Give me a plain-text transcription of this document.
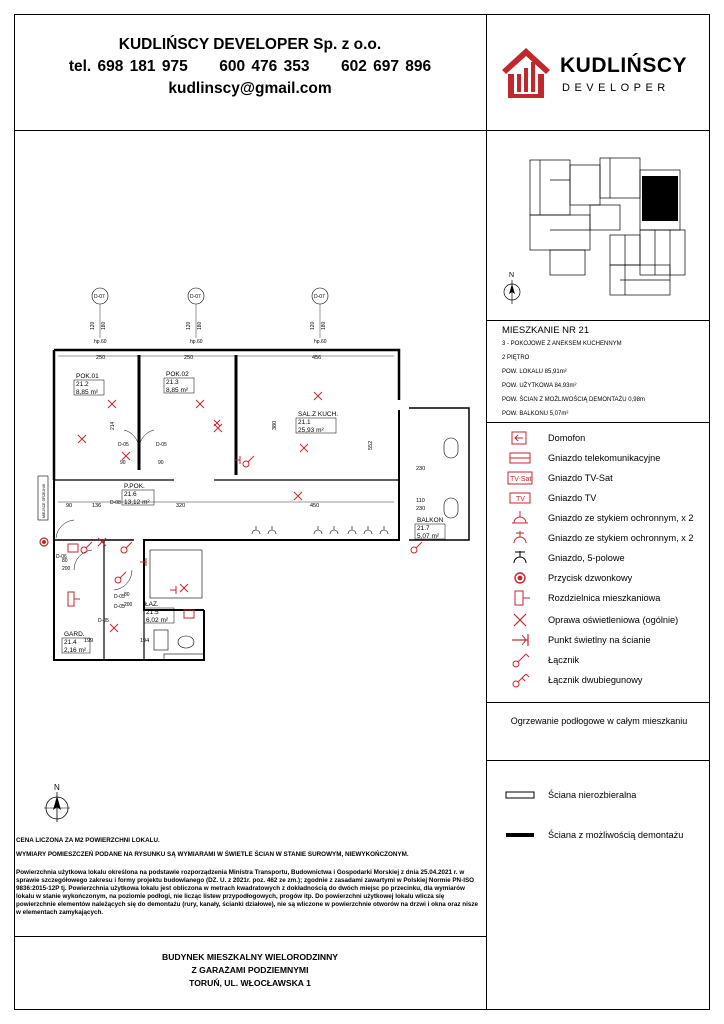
KUDLIŃSCY DEVELOPER Sp. z o.o.
tel. 698 181 975     600 476 353     602 697 896
kudlinscy@gmail.com
KUDLIŃSCY
DEVELOPER
N
MIESZKANIE NR 21
3 - POKOJOWE Z ANEKSEM KUCHENNYM
2 PIĘTRO
POW. LOKALU 85,91m²
POW. UŻYTKOWA 84,93m²
POW. ŚCIAN Z MOŻLIWOŚCIĄ DEMONTAŻU 0,98m
POW. BALKONU 5,07m²
Domofon
Gniazdo telekomunikacyjne
TV-Sat Gniazdo TV-Sat
TV	Gniazdo TV
Gniazdo ze stykiem ochronnym, x 2
Gniazdo ze stykiem ochronnym, x 2
Gniazdo, 5-polowe
Przycisk dzwonkowy
Rozdzielnica mieszkaniowa
Oprawa oświetleniowa (ogólnie)
Punkt świetlny na ścianie
Łącznik
Łącznik dwubiegunowy
Ogrzewanie podłogowe w całym mieszkaniu
Ściana nierozbieralna
Ściana z możliwością demontażu
D-07	D-07	D-07
120 180	120 180	120 180
hp.60	hp.60	hp.60
250	250	456
90	136	320	450
214
194
199
552
230
110
230
380
D-05	D-05
D-05
D-06
D-08
D-05
D-05
80
200
90	90
80
200
POK.01
21.2
8,85 m²
POK.02
21.3
8,85 m²
SAL.Z KUCH.
21.1
25,93 m²
P.POK.
21.6
13,12 m²
ŁAZ.
21.5
6,02 m²
GARD.
21.4
2,16 m²
BALKON
21.7
5,07 m²
MIEJSCE GRZEJNIK
N

CENA LICZONA ZA M2 POWIERZCHNI LOKALU.

WYMIARY POMIESZCZEŃ PODANE NA RYSUNKU SĄ WYMIARAMI W ŚWIETLE ŚCIAN W STANIE SUROWYM, NIEWYKOŃCZONYM.

Powierzchnia użytkowa lokalu określona na podstawie rozporządzenia Ministra Transportu, Budownictwa i Gospodarki Morskiej z dnia 25.04.2021 r. w sprawie szczegółowego zakresu i formy projektu budowlanego (DZ. U. z 2021r. poz. 462 ze zm.); zgodnie z zasadami zawartymi w Polskiej Normie PN-ISO 9836:2015-12P tj. Powierzchnia użytkowa lokalu jest obliczona w metrach kwadratowych z dokładnością do dwóch miejsc po przecinku, dla wymiarów lokalu w stanie wykończonym, na poziomie podłogi, nie licząc listew przypodłogowych, progów itp. Do powierzchni użytkowej lokalu wlicza się powierzchnie elementów należących się do demontażu (rury, kanały, ścianki działowe), nie są wliczone w powierzchnie otworów na drzwi i okna oraz nisze w elementach zamykających.

BUDYNEK MIESZKALNY WIELORODZINNY
Z GARAŻAMI PODZIEMNYMI
TORUŃ, UL. WŁOCŁAWSKA 1
